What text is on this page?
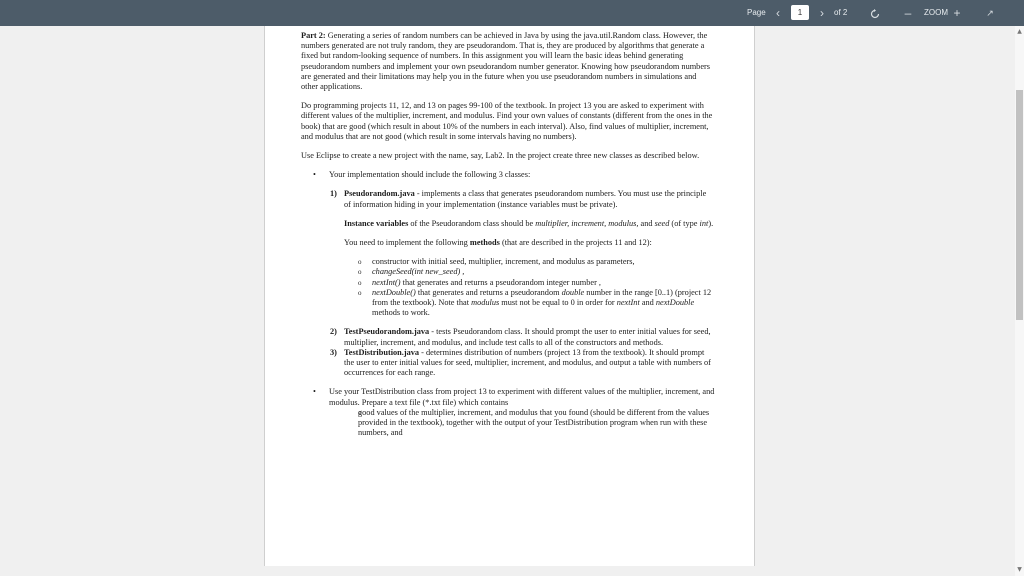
Page ‹	1	›	of 2	–	ZOOM +	↗

Part 2: Generating a series of random numbers can be achieved in Java by using the java.util.Random class. However, the numbers generated are not truly random, they are pseudorandom. That is, they are produced by algorithms that generate a fixed but random-looking sequence of numbers. In this assignment you will learn the basic ideas behind generating pseudorandom numbers and implement your own pseudorandom number generator. Knowing how pseudorandom numbers are generated and their limitations may help you in the future when you use pseudorandom numbers in simulations and other applications.

Do programming projects 11, 12, and 13 on pages 99-100 of the textbook. In project 13 you are asked to experiment with different values of the multiplier, increment, and modulus. Find your own values of constants (different from the ones in the book) that are good (which result in about 10% of the numbers in each interval). Also, find values of multiplier, increment, and modulus that are not good (which result in some intervals having no numbers).

Use Eclipse to create a new project with the name, say, Lab2. In the project create three new classes as described below.

• Your implementation should include the following 3 classes:
1) Pseudorandom.java - implements a class that generates pseudorandom numbers. You must use the principle of information hiding in your implementation (instance variables must be private).
Instance variables of the Pseudorandom class should be multiplier, increment, modulus, and seed (of type int).
You need to implement the following methods (that are described in the projects 11 and 12):
o constructor with initial seed, multiplier, increment, and modulus as parameters,
o changeSeed(int new_seed) ,
o nextInt() that generates and returns a pseudorandom integer number ,
o nextDouble() that generates and returns a pseudorandom double number in the range [0..1) (project 12 from the textbook). Note that modulus must not be equal to 0 in order for nextInt and nextDouble methods to work.
2) TestPseudorandom.java - tests Pseudorandom class. It should prompt the user to enter initial values for seed, multiplier, increment, and modulus, and include test calls to all of the constructors and methods.
3) TestDistribution.java - determines distribution of numbers (project 13 from the textbook). It should prompt the user to enter initial values for seed, multiplier, increment, and modulus, and output a table with numbers of occurrences for each range.
• Use your TestDistribution class from project 13 to experiment with different values of the multiplier, increment, and modulus. Prepare a text file (*.txt file) which contains
o good values of the multiplier, increment, and modulus that you found (should be different from the values provided in the textbook), together with the output of your TestDistribution program when run with these numbers, and
▲
▼
